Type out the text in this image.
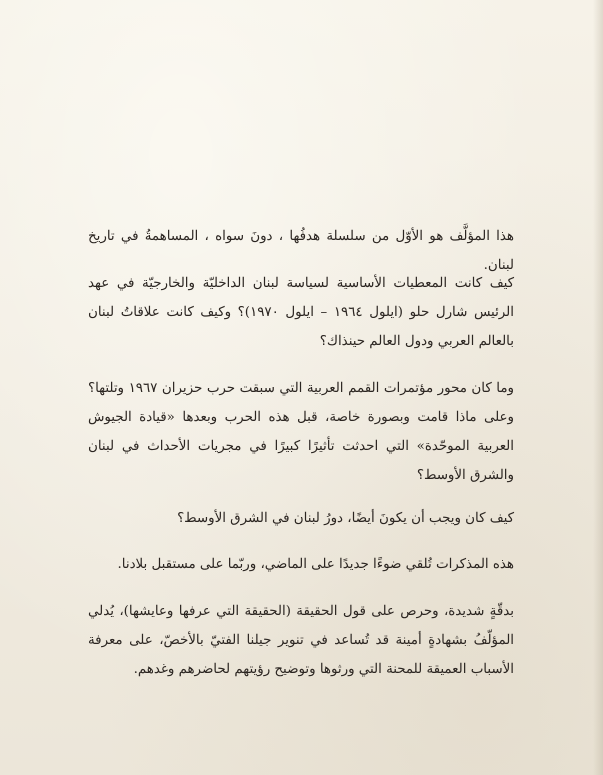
هذا المؤلَّف هو الأوّل من سلسلة هدفُها ، دونَ سواه ، المساهمةُ في تاريخ لبنان.

كيف كانت المعطيات الأساسية لسياسة لبنان الداخليّة والخارجيّة في عهد الرئيس شارل حلو (ايلول ١٩٦٤ – ايلول ١٩٧٠)؟ وكيف كانت علاقاتُ لبنان بالعالم العربي ودول العالم حينذاك؟

وما كان محور مؤتمرات القمم العربية التي سبقت حرب حزيران ١٩٦٧ وتلتها؟ وعلى ماذا قامت وبصورة خاصة، قبل هذه الحرب وبعدها «قيادة الجيوش العربية الموحّدة» التي احدثت تأثيرًا كبيرًا في مجريات الأحداث في لبنان والشرق الأوسط؟

كيف كان ويجب أن يكونَ أيضًا، دورُ لبنان في الشرق الأوسط؟

هذه المذكرات تُلقي ضوءًا جديدًا على الماضي، وربّما على مستقبل بلادنا.

بدقّةٍ شديدة، وحرص على قول الحقيقة (الحقيقة التي عرفها وعايشها)، يُدلي المؤلّفُ بشهادةٍ أمينة قد تُساعد في تنوير جيلنا الفتيّ بالأخصّ، على معرفة الأسباب العميقة للمحنة التي ورثوها وتوضيح رؤيتهم لحاضرهم وغدهم.
